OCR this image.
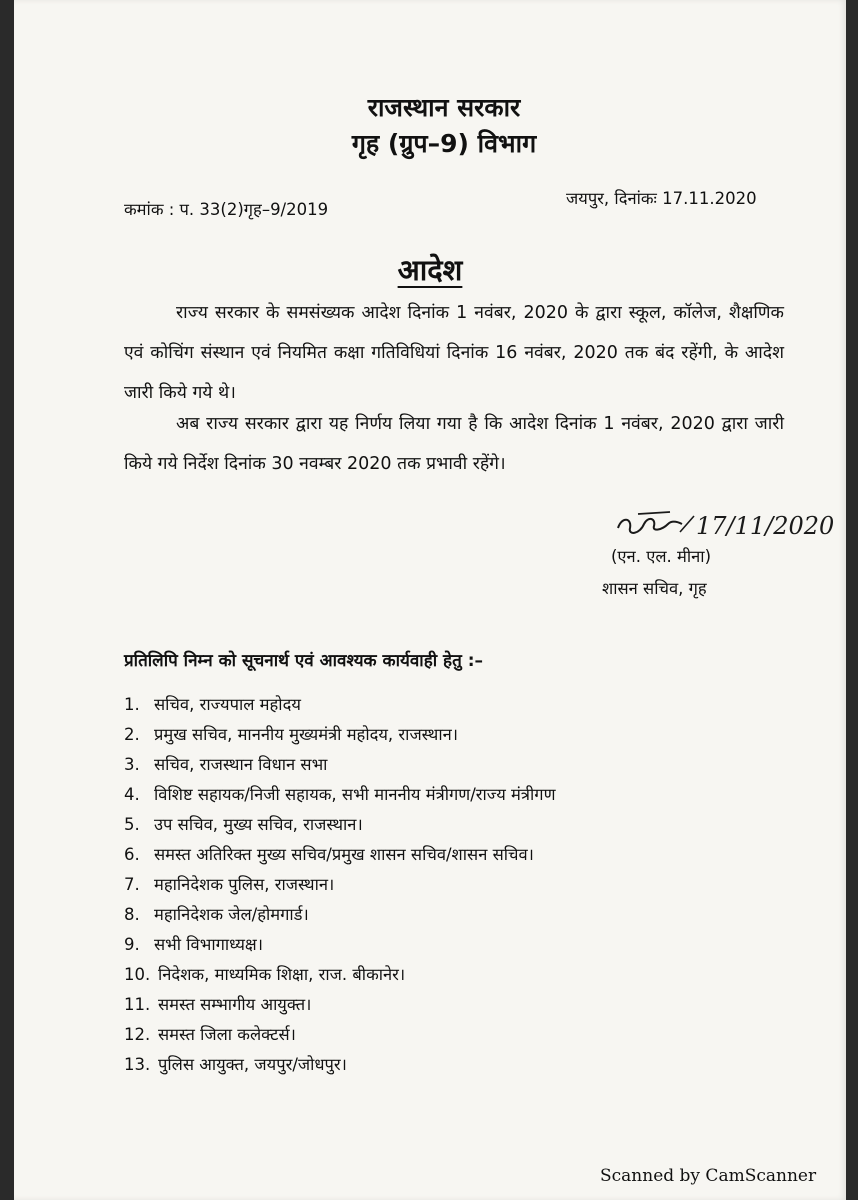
राजस्थान सरकार
गृह (ग्रुप–9) विभाग
कमांक : प. 33(2)गृह–9/2019
जयपुर, दिनांकः 17.11.2020
आदेश
राज्य सरकार के समसंख्यक आदेश दिनांक 1 नवंबर, 2020 के द्वारा स्कूल, कॉलेज, शैक्षणिक एवं कोचिंग संस्थान एवं नियमित कक्षा गतिविधियां दिनांक 16 नवंबर, 2020 तक बंद रहेंगी, के आदेश जारी किये गये थे।
अब राज्य सरकार द्वारा यह निर्णय लिया गया है कि आदेश दिनांक 1 नवंबर, 2020 द्वारा जारी किये गये निर्देश दिनांक 30 नवम्बर 2020 तक प्रभावी रहेंगे।
17/11/2020
(एन. एल. मीना)
शासन सचिव, गृह
प्रतिलिपि निम्न को सूचनार्थ एवं आवश्यक कार्यवाही हेतु :–
1. सचिव, राज्यपाल महोदय
2. प्रमुख सचिव, माननीय मुख्यमंत्री महोदय, राजस्थान।
3. सचिव, राजस्थान विधान सभा
4. विशिष्ट सहायक/निजी सहायक, सभी माननीय मंत्रीगण/राज्य मंत्रीगण
5. उप सचिव, मुख्य सचिव, राजस्थान।
6. समस्त अतिरिक्त मुख्य सचिव/प्रमुख शासन सचिव/शासन सचिव।
7. महानिदेशक पुलिस, राजस्थान।
8. महानिदेशक जेल/होमगार्ड।
9. सभी विभागाध्यक्ष।
10. निदेशक, माध्यमिक शिक्षा, राज. बीकानेर।
11. समस्त सम्भागीय आयुक्त।
12. समस्त जिला कलेक्टर्स।
13. पुलिस आयुक्त, जयपुर/जोधपुर।
Scanned by CamScanner
